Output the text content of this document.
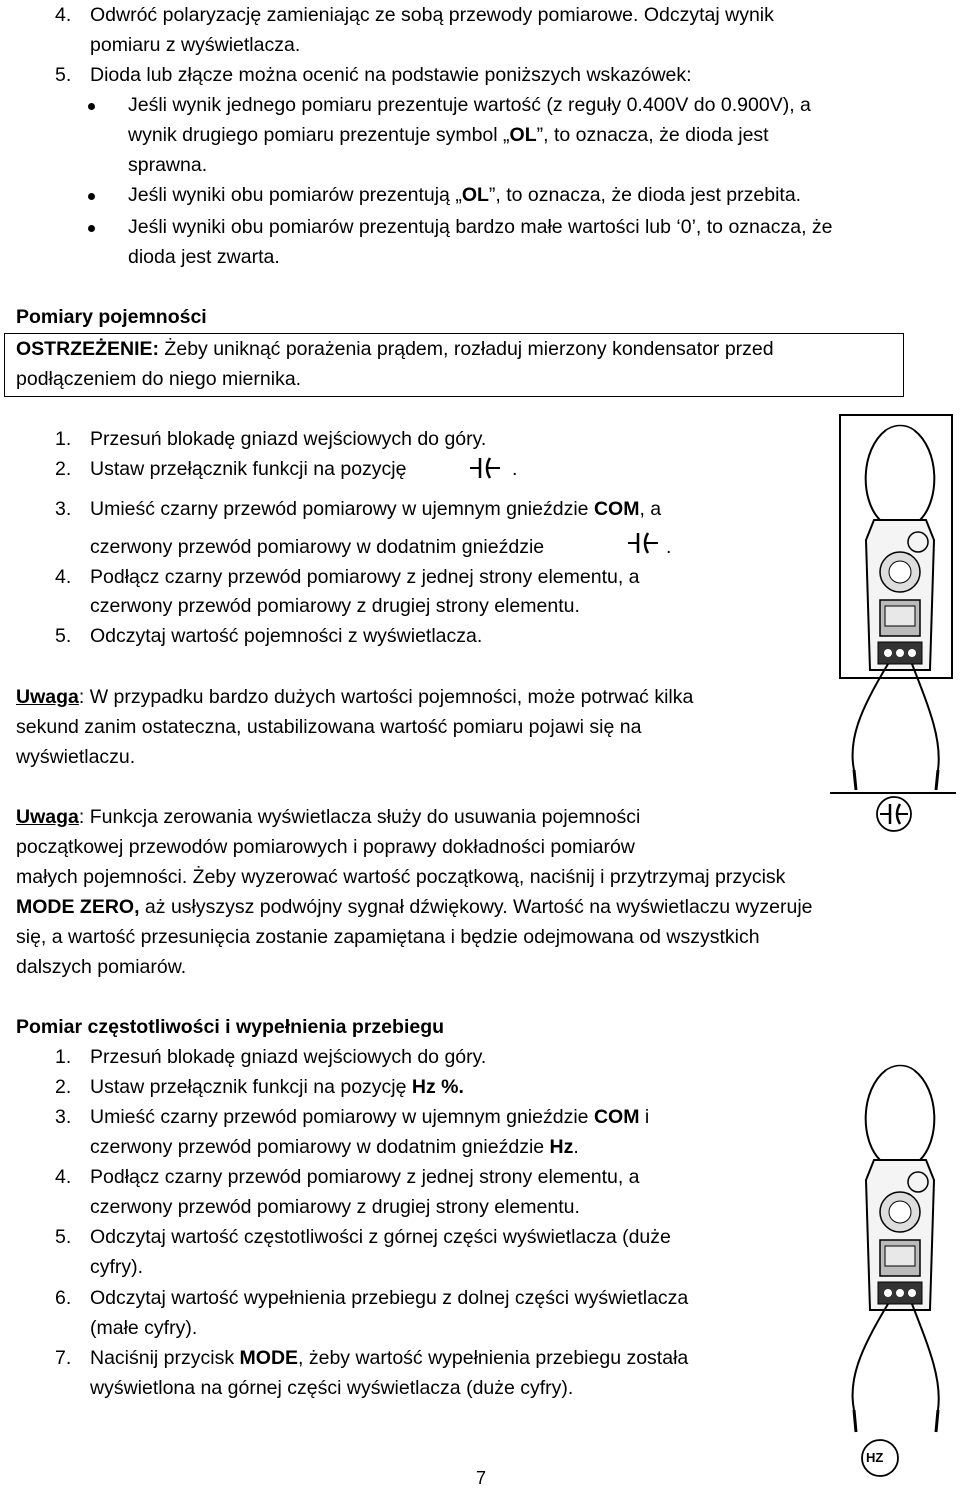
4. Odwróć polaryzację zamieniając ze sobą przewody pomiarowe. Odczytaj wynik
pomiaru z wyświetlacza.
5. Dioda lub złącze można ocenić na podstawie poniższych wskazówek:
Jeśli wynik jednego pomiaru prezentuje wartość (z reguły 0.400V do 0.900V), a
wynik drugiego pomiaru prezentuje symbol „OL”, to oznacza, że dioda jest
sprawna.
Jeśli wyniki obu pomiarów prezentują „OL”, to oznacza, że dioda jest przebita.
Jeśli wyniki obu pomiarów prezentują bardzo małe wartości lub ‘0’, to oznacza, że
dioda jest zwarta.
Pomiary pojemności
OSTRZEŻENIE: Żeby uniknąć porażenia prądem, rozładuj mierzony kondensator przed
podłączeniem do niego miernika.
1. Przesuń blokadę gniazd wejściowych do góry.
2. Ustaw przełącznik funkcji na pozycję	.
3. Umieść czarny przewód pomiarowy w ujemnym gnieździe COM, a
czerwony przewód pomiarowy w dodatnim gnieździe	.
4. Podłącz czarny przewód pomiarowy z jednej strony elementu, a
czerwony przewód pomiarowy z drugiej strony elementu.
5. Odczytaj wartość pojemności z wyświetlacza.
Uwaga: W przypadku bardzo dużych wartości pojemności, może potrwać kilka
sekund zanim ostateczna, ustabilizowana wartość pomiaru pojawi się na
wyświetlaczu.
Uwaga: Funkcja zerowania wyświetlacza służy do usuwania pojemności
początkowej przewodów pomiarowych i poprawy dokładności pomiarów
małych pojemności. Żeby wyzerować wartość początkową, naciśnij i przytrzymaj przycisk
MODE ZERO, aż usłyszysz podwójny sygnał dźwiękowy. Wartość na wyświetlaczu wyzeruje
się, a wartość przesunięcia zostanie zapamiętana i będzie odejmowana od wszystkich
dalszych pomiarów.
Pomiar częstotliwości i wypełnienia przebiegu
1. Przesuń blokadę gniazd wejściowych do góry.
2. Ustaw przełącznik funkcji na pozycję Hz %.
3. Umieść czarny przewód pomiarowy w ujemnym gnieździe COM i
czerwony przewód pomiarowy w dodatnim gnieździe Hz.
4. Podłącz czarny przewód pomiarowy z jednej strony elementu, a
czerwony przewód pomiarowy z drugiej strony elementu.
5. Odczytaj wartość częstotliwości z górnej części wyświetlacza (duże
cyfry).
6. Odczytaj wartość wypełnienia przebiegu z dolnej części wyświetlacza
(małe cyfry).
7. Naciśnij przycisk MODE, żeby wartość wypełnienia przebiegu została
wyświetlona na górnej części wyświetlacza (duże cyfry).
HZ
7
